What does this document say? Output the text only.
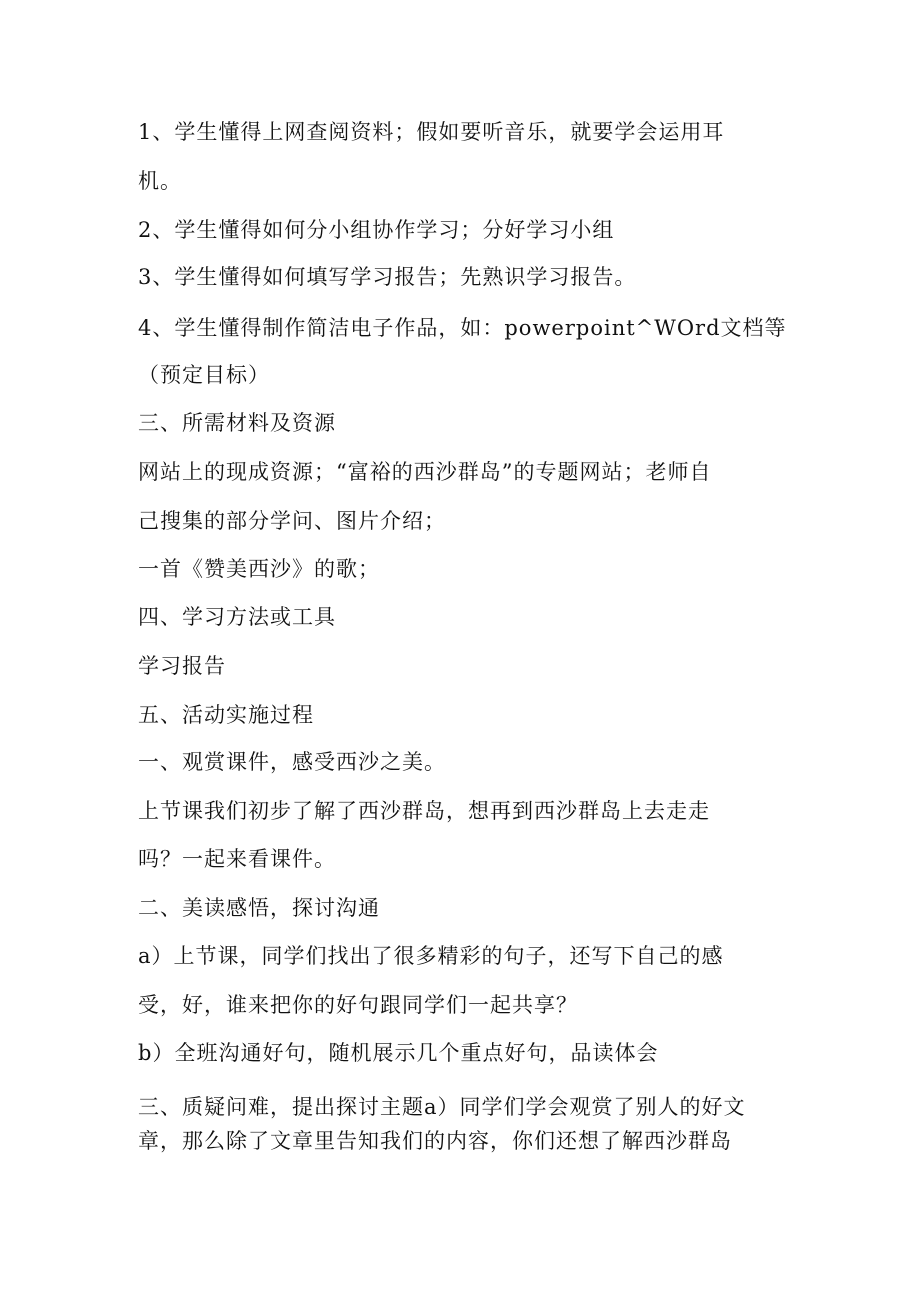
1、学生懂得上网查阅资料；假如要听音乐，就要学会运用耳
机。
2、学生懂得如何分小组协作学习；分好学习小组
3、学生懂得如何填写学习报告；先熟识学习报告。
4、学生懂得制作简洁电子作品，如：powerpoint^WOrd文档等
（预定目标）
三、所需材料及资源
网站上的现成资源；“富裕的西沙群岛”的专题网站；老师自
己搜集的部分学问、图片介绍；
一首《赞美西沙》的歌；
四、学习方法或工具
学习报告
五、活动实施过程
一、观赏课件，感受西沙之美。
上节课我们初步了解了西沙群岛，想再到西沙群岛上去走走
吗？一起来看课件。
二、美读感悟，探讨沟通
a）上节课，同学们找出了很多精彩的句子，还写下自己的感
受，好，谁来把你的好句跟同学们一起共享？
b）全班沟通好句，随机展示几个重点好句，品读体会
三、质疑问难，提出探讨主题a）同学们学会观赏了别人的好文
章，那么除了文章里告知我们的内容，你们还想了解西沙群岛
